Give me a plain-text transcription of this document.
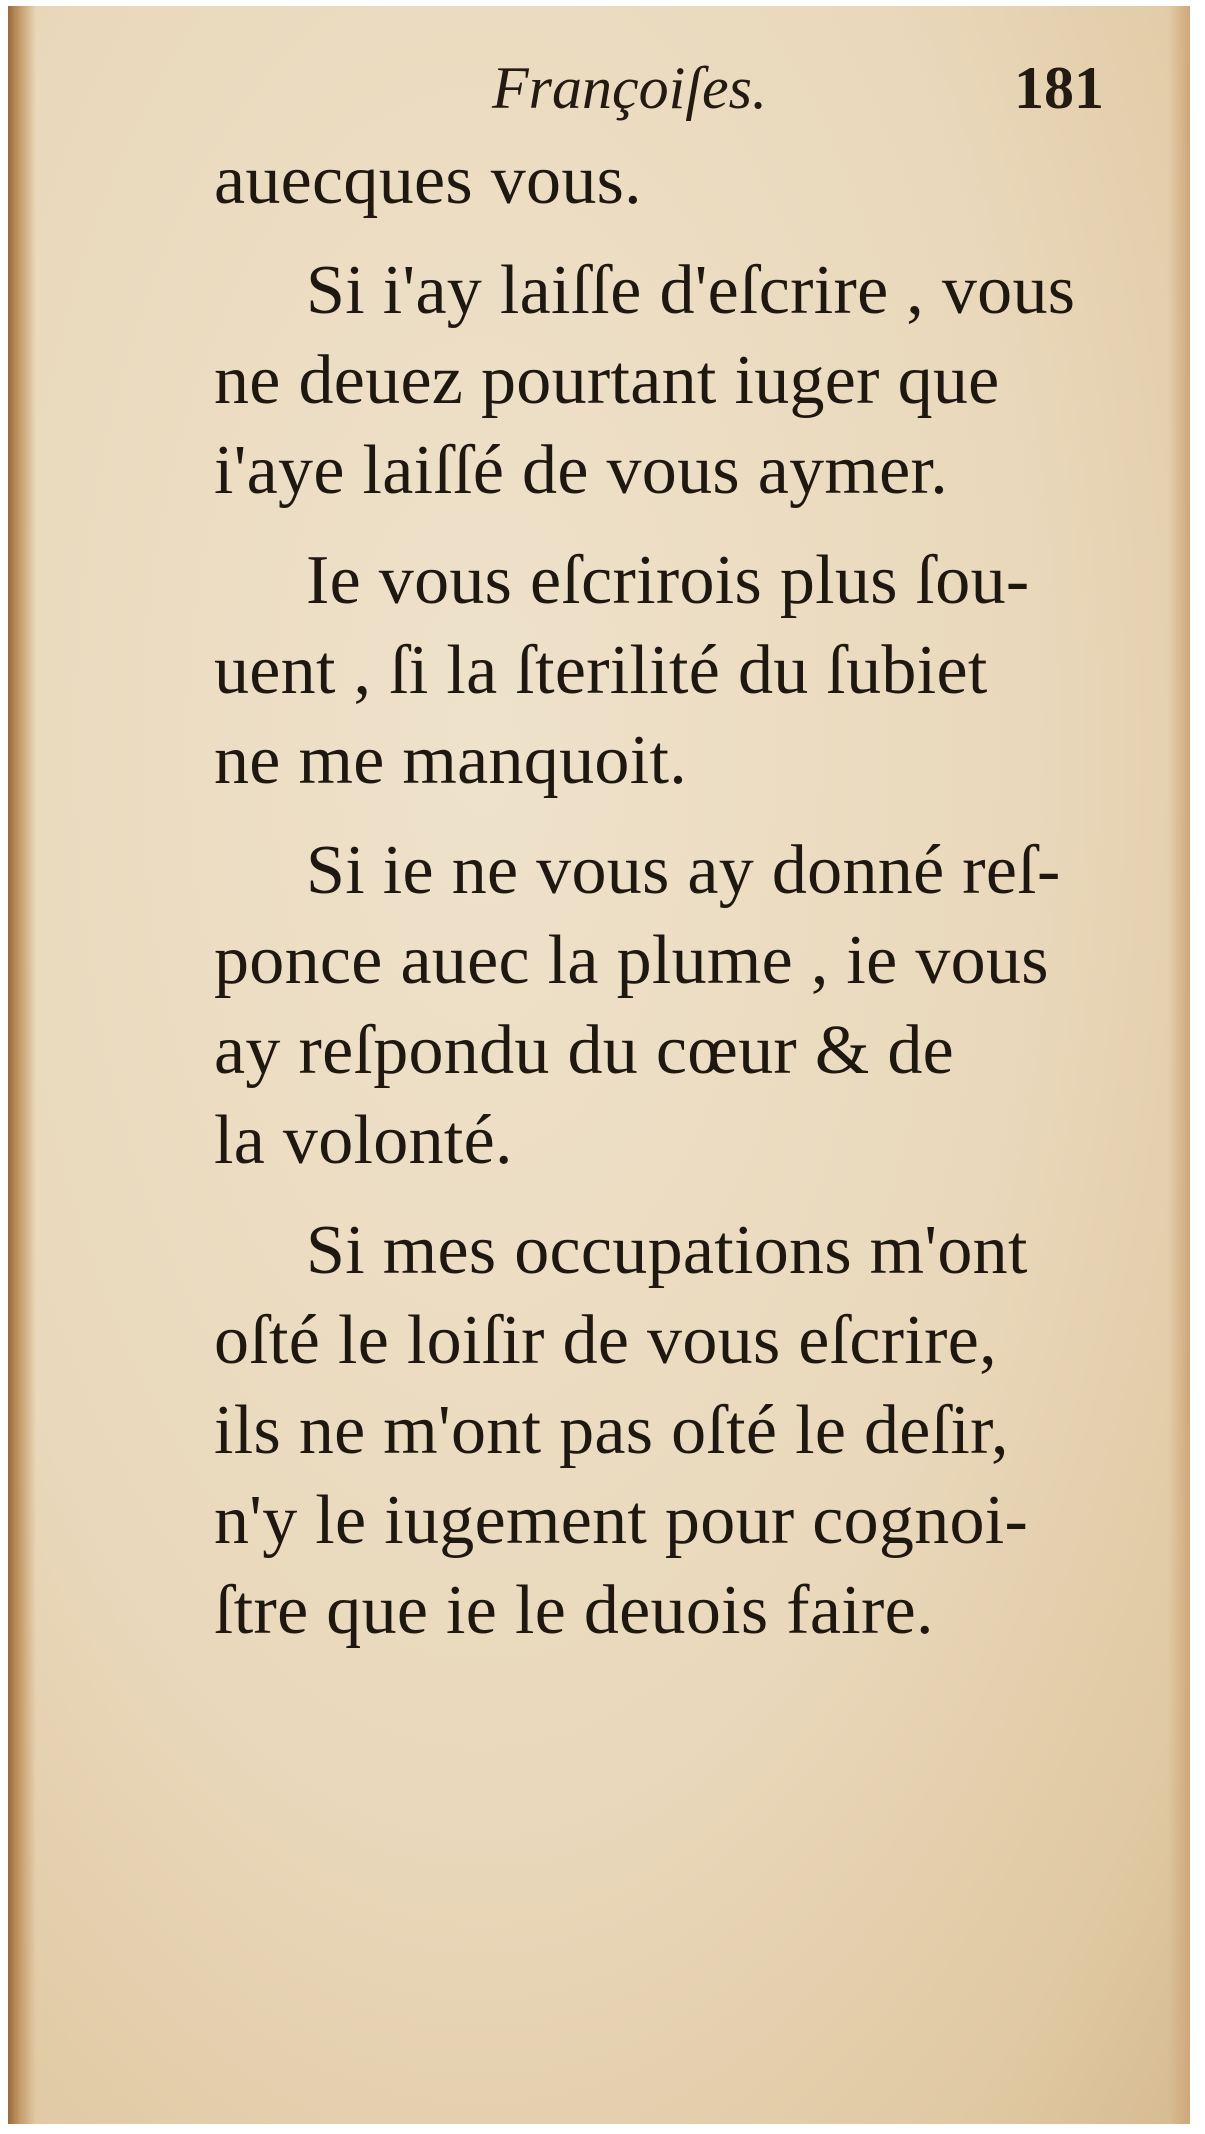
Françoiſes.	181
auecques vous.
Si i'ay laiſſe d'eſcrire , vous
ne deuez pourtant iuger que
i'aye laiſſé de vous aymer.
Ie vous eſcrirois plus ſou-
uent , ſi la ſterilité du ſubiet
ne me manquoit.
Si ie ne vous ay donné reſ-
ponce auec la plume , ie vous
ay reſpondu du cœur & de
la volonté.
Si mes occupations m'ont
oſté le loiſir de vous eſcrire,
ils ne m'ont pas oſté le deſir,
n'y le iugement pour cognoi-
ſtre que ie le deuois faire.
